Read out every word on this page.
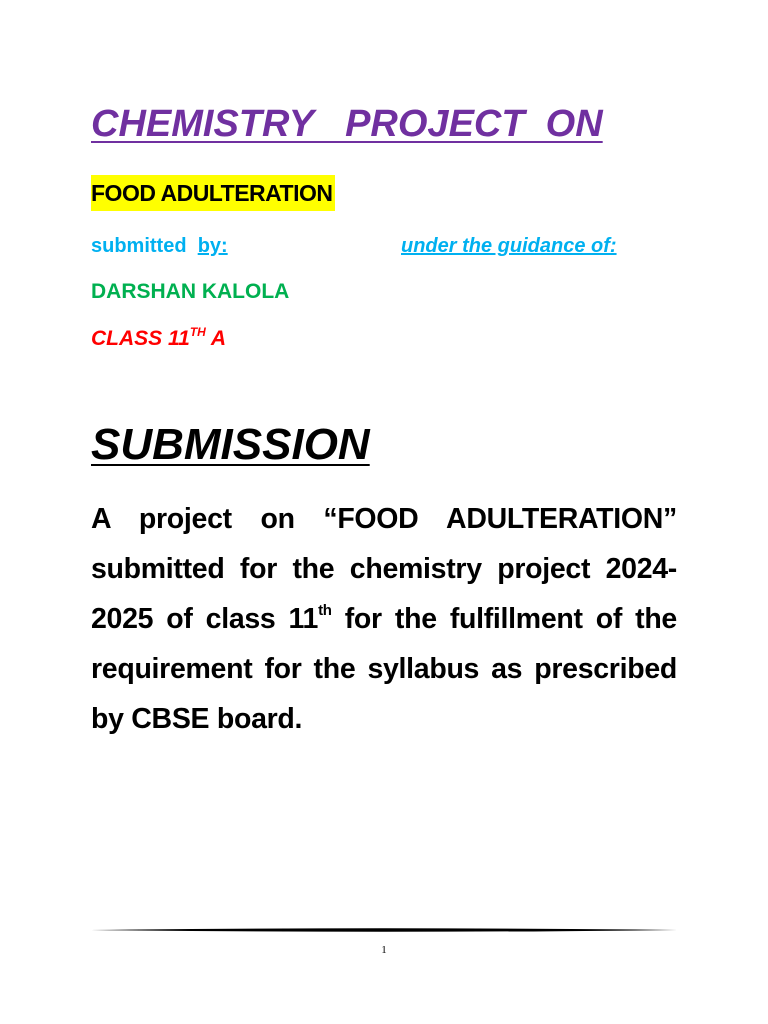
CHEMISTRY   PROJECT  ON
FOOD ADULTERATION
submitted  by:	under the guidance of:
DARSHAN KALOLA
CLASS 11TH A
SUBMISSION

A project on “FOOD ADULTERATION” submitted for the chemistry project 2024-2025 of class 11th for the fulfillment of the requirement for the syllabus as prescribed by CBSE board.

1
